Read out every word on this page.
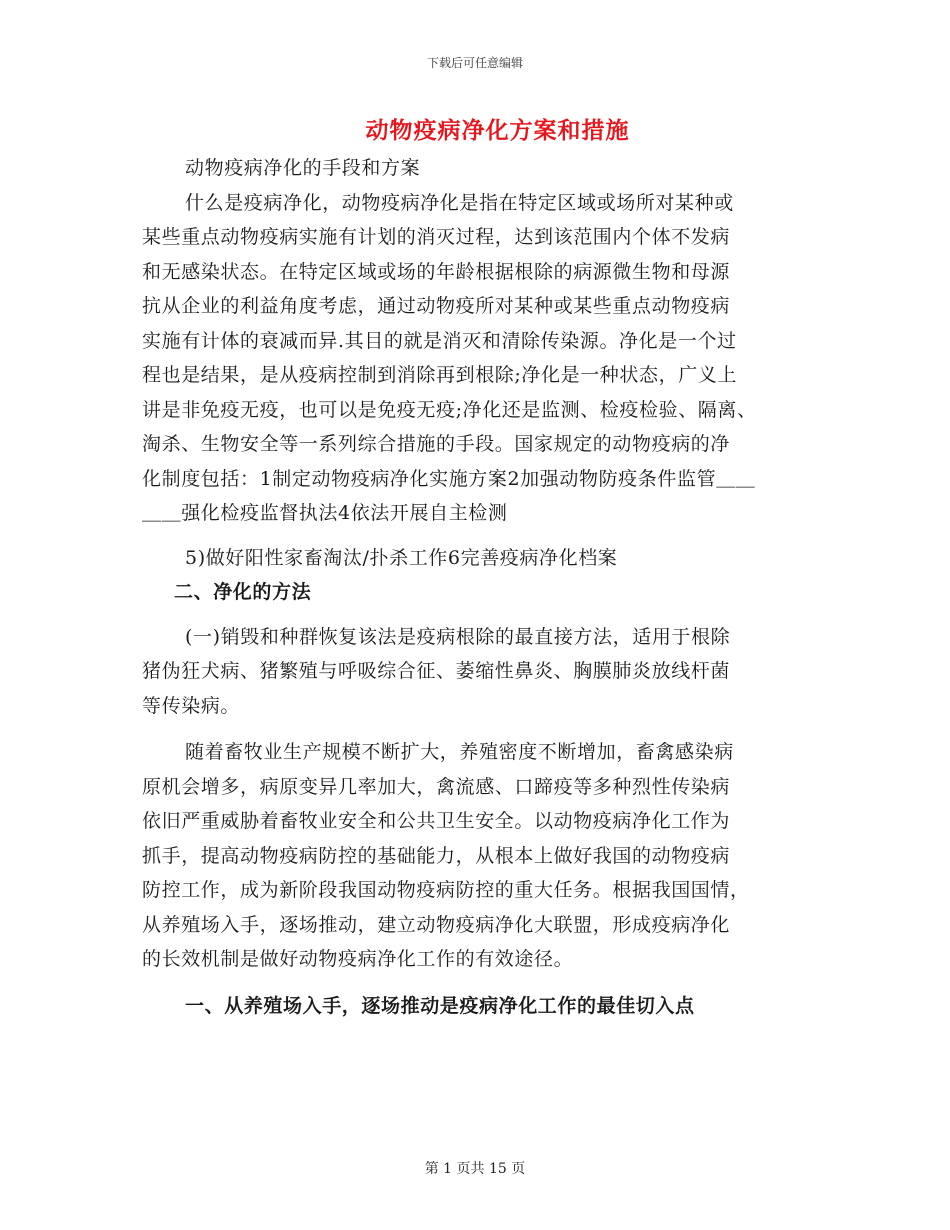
下载后可任意编辑
动物疫病净化方案和措施
动物疫病净化的手段和方案
什么是疫病净化，动物疫病净化是指在特定区域或场所对某种或
某些重点动物疫病实施有计划的消灭过程，达到该范围内个体不发病
和无感染状态。在特定区域或场的年龄根据根除的病源微生物和母源
抗从企业的利益角度考虑，通过动物疫所对某种或某些重点动物疫病
实施有计体的衰减而异.其目的就是消灭和清除传染源。净化是一个过
程也是结果，是从疫病控制到消除再到根除;净化是一种状态，广义上
讲是非免疫无疫，也可以是免疫无疫;净化还是监测、检疫检验、隔离、
淘杀、生物安全等一系列综合措施的手段。国家规定的动物疫病的净
化制度包括：1制定动物疫病净化实施方案2加强动物防疫条件监管＿＿
＿＿强化检疫监督执法4依法开展自主检测
5)做好阳性家畜淘汰/扑杀工作6完善疫病净化档案
二、净化的方法
(一)销毁和种群恢复该法是疫病根除的最直接方法，适用于根除
猪伪狂犬病、猪繁殖与呼吸综合征、萎缩性鼻炎、胸膜肺炎放线杆菌
等传染病。
随着畜牧业生产规模不断扩大，养殖密度不断增加，畜禽感染病
原机会增多，病原变异几率加大，禽流感、口蹄疫等多种烈性传染病
依旧严重威胁着畜牧业安全和公共卫生安全。以动物疫病净化工作为
抓手，提高动物疫病防控的基础能力，从根本上做好我国的动物疫病
防控工作，成为新阶段我国动物疫病防控的重大任务。根据我国国情，
从养殖场入手，逐场推动，建立动物疫病净化大联盟，形成疫病净化
的长效机制是做好动物疫病净化工作的有效途径。
一、从养殖场入手，逐场推动是疫病净化工作的最佳切入点
第 1 页共 15 页
